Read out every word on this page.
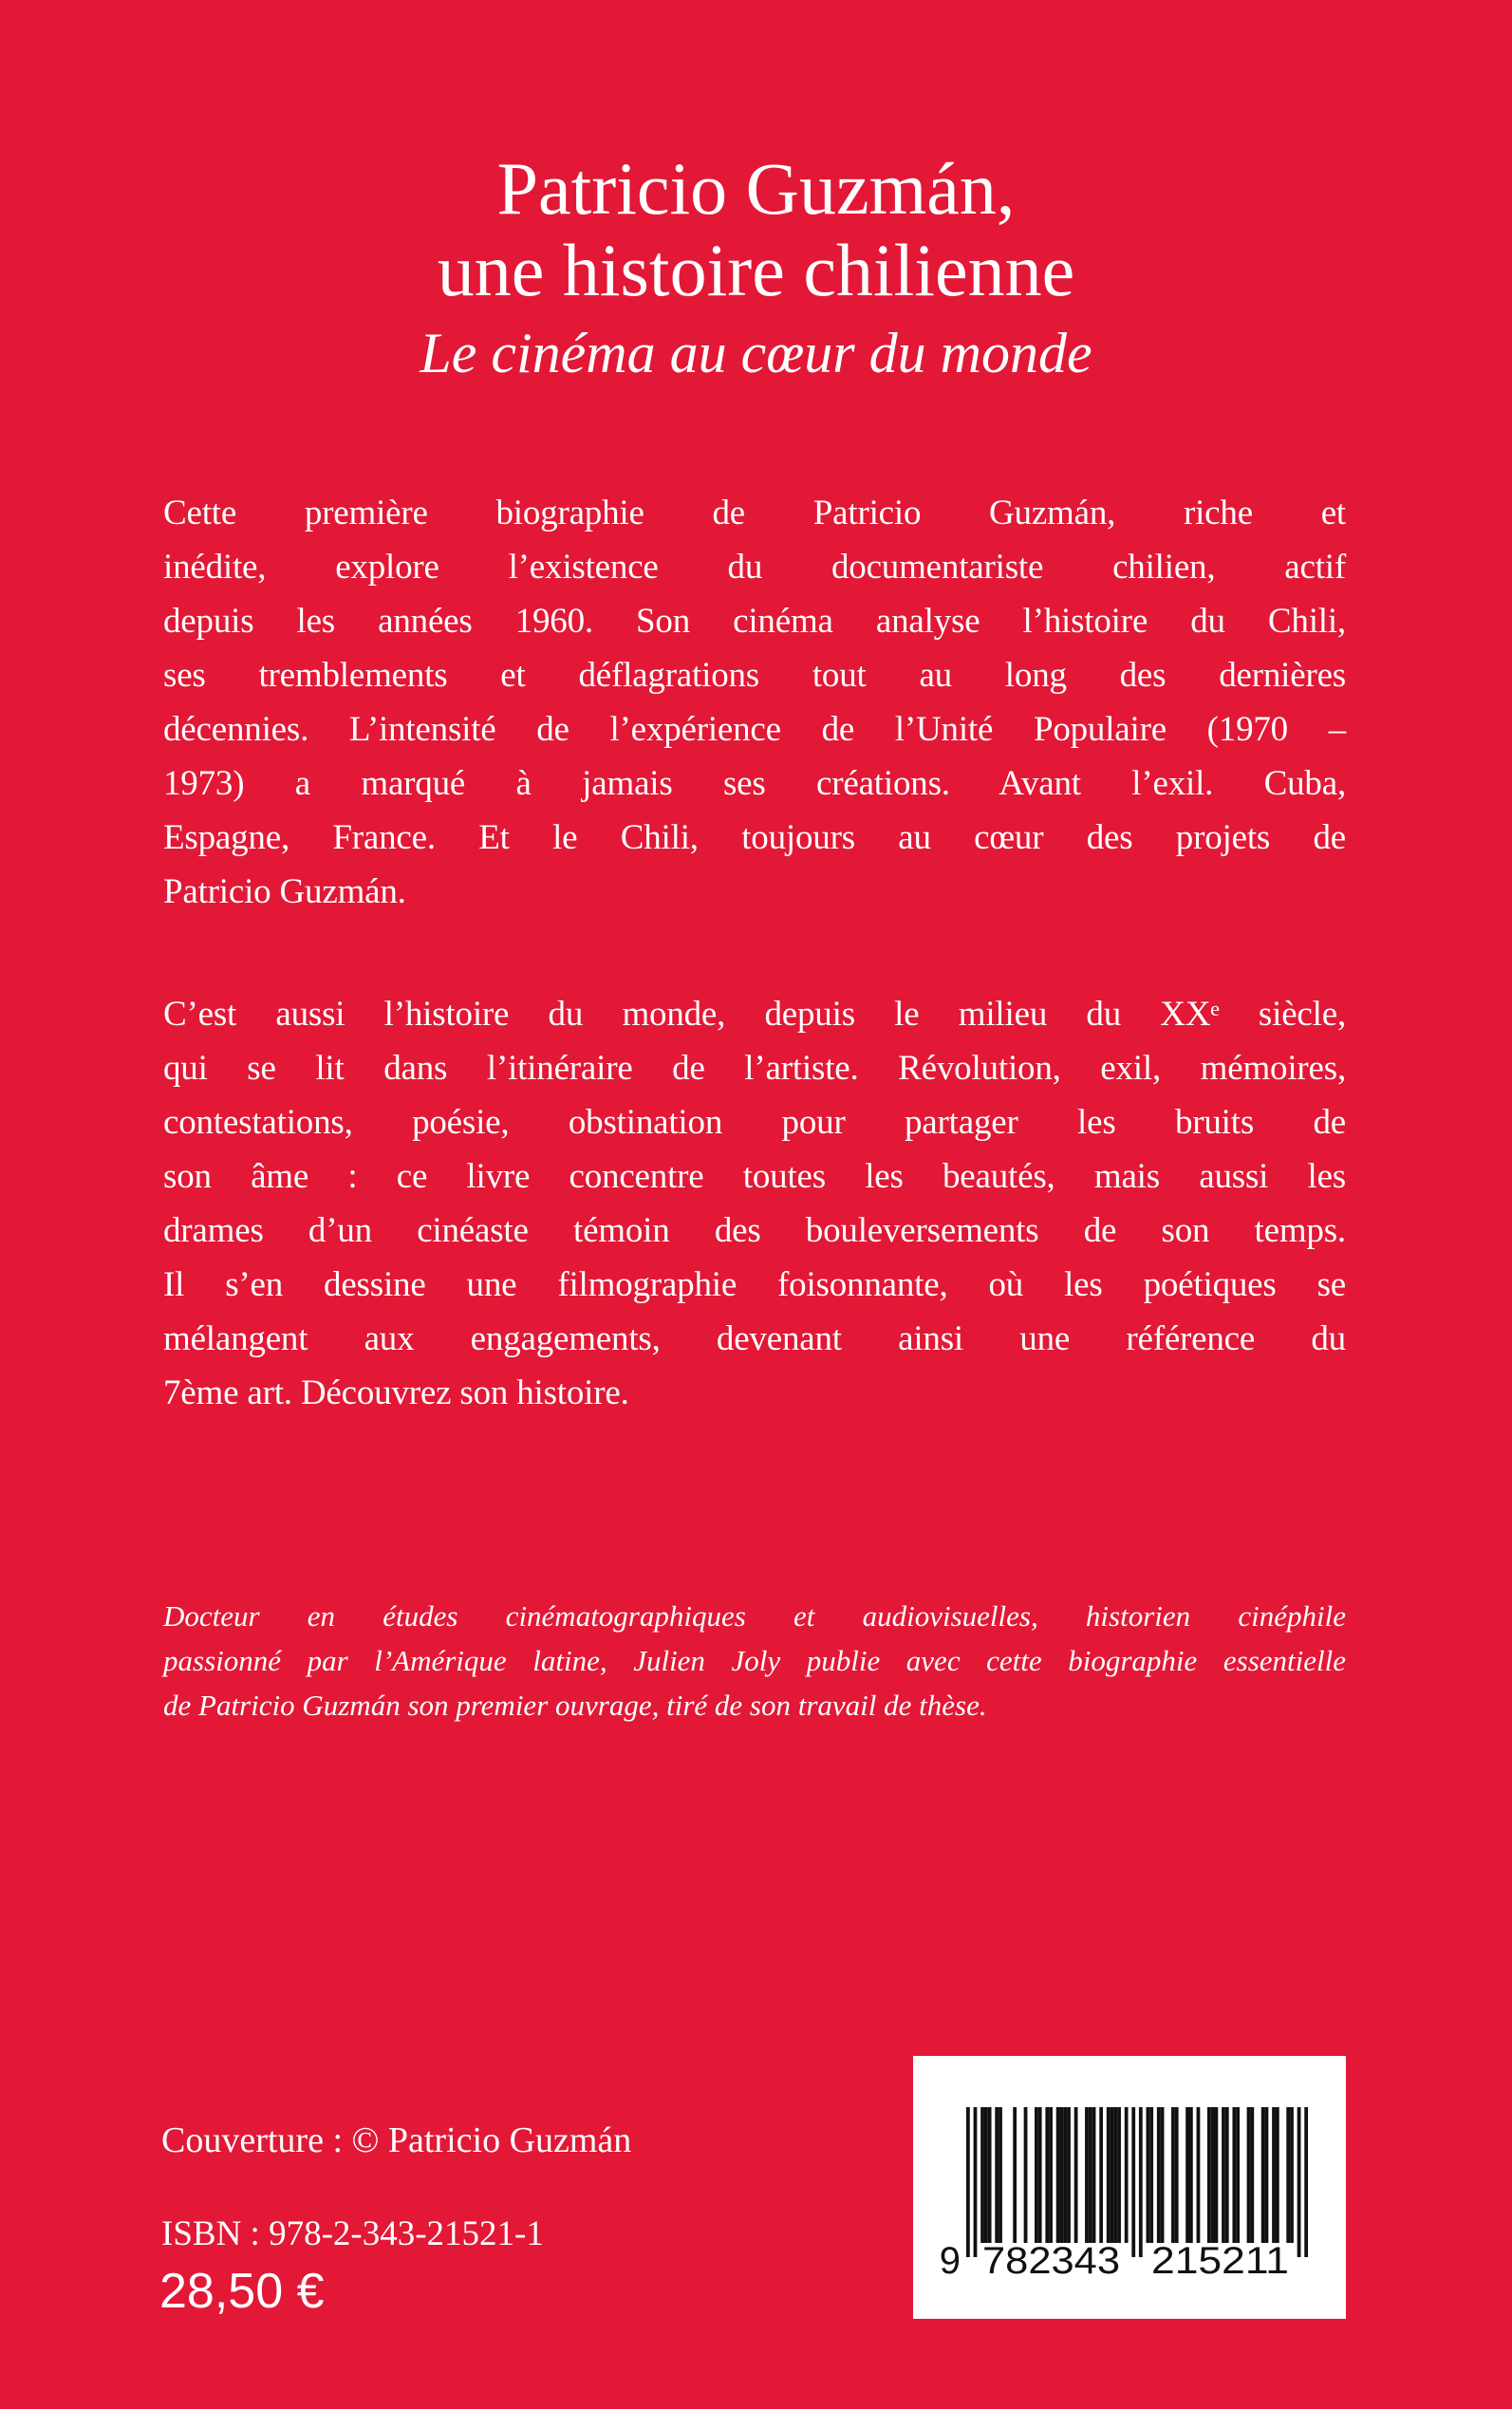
Patricio Guzmán,
une histoire chilienne
Le cinéma au cœur du monde
Cette première biographie de Patricio Guzmán, riche et
inédite, explore l’existence du documentariste chilien, actif
depuis les années 1960. Son cinéma analyse l’histoire du Chili,
ses tremblements et déflagrations tout au long des dernières
décennies. L’intensité de l’expérience de l’Unité Populaire (1970 –
1973) a marqué à jamais ses créations. Avant l’exil. Cuba,
Espagne, France. Et le Chili, toujours au cœur des projets de
Patricio Guzmán.
C’est aussi l’histoire du monde, depuis le milieu du XXᵉ siècle,
qui se lit dans l’itinéraire de l’artiste. Révolution, exil, mémoires,
contestations, poésie, obstination pour partager les bruits de
son âme : ce livre concentre toutes les beautés, mais aussi les
drames d’un cinéaste témoin des bouleversements de son temps.
Il s’en dessine une filmographie foisonnante, où les poétiques se
mélangent aux engagements, devenant ainsi une référence du
7ème art. Découvrez son histoire.
Docteur en études cinématographiques et audiovisuelles, historien cinéphile
passionné par l’Amérique latine, Julien Joly publie avec cette biographie essentielle
de Patricio Guzmán son premier ouvrage, tiré de son travail de thèse.
Couverture : © Patricio Guzmán
ISBN : 978-2-343-21521-1
28,50 €
9 782343 215211
